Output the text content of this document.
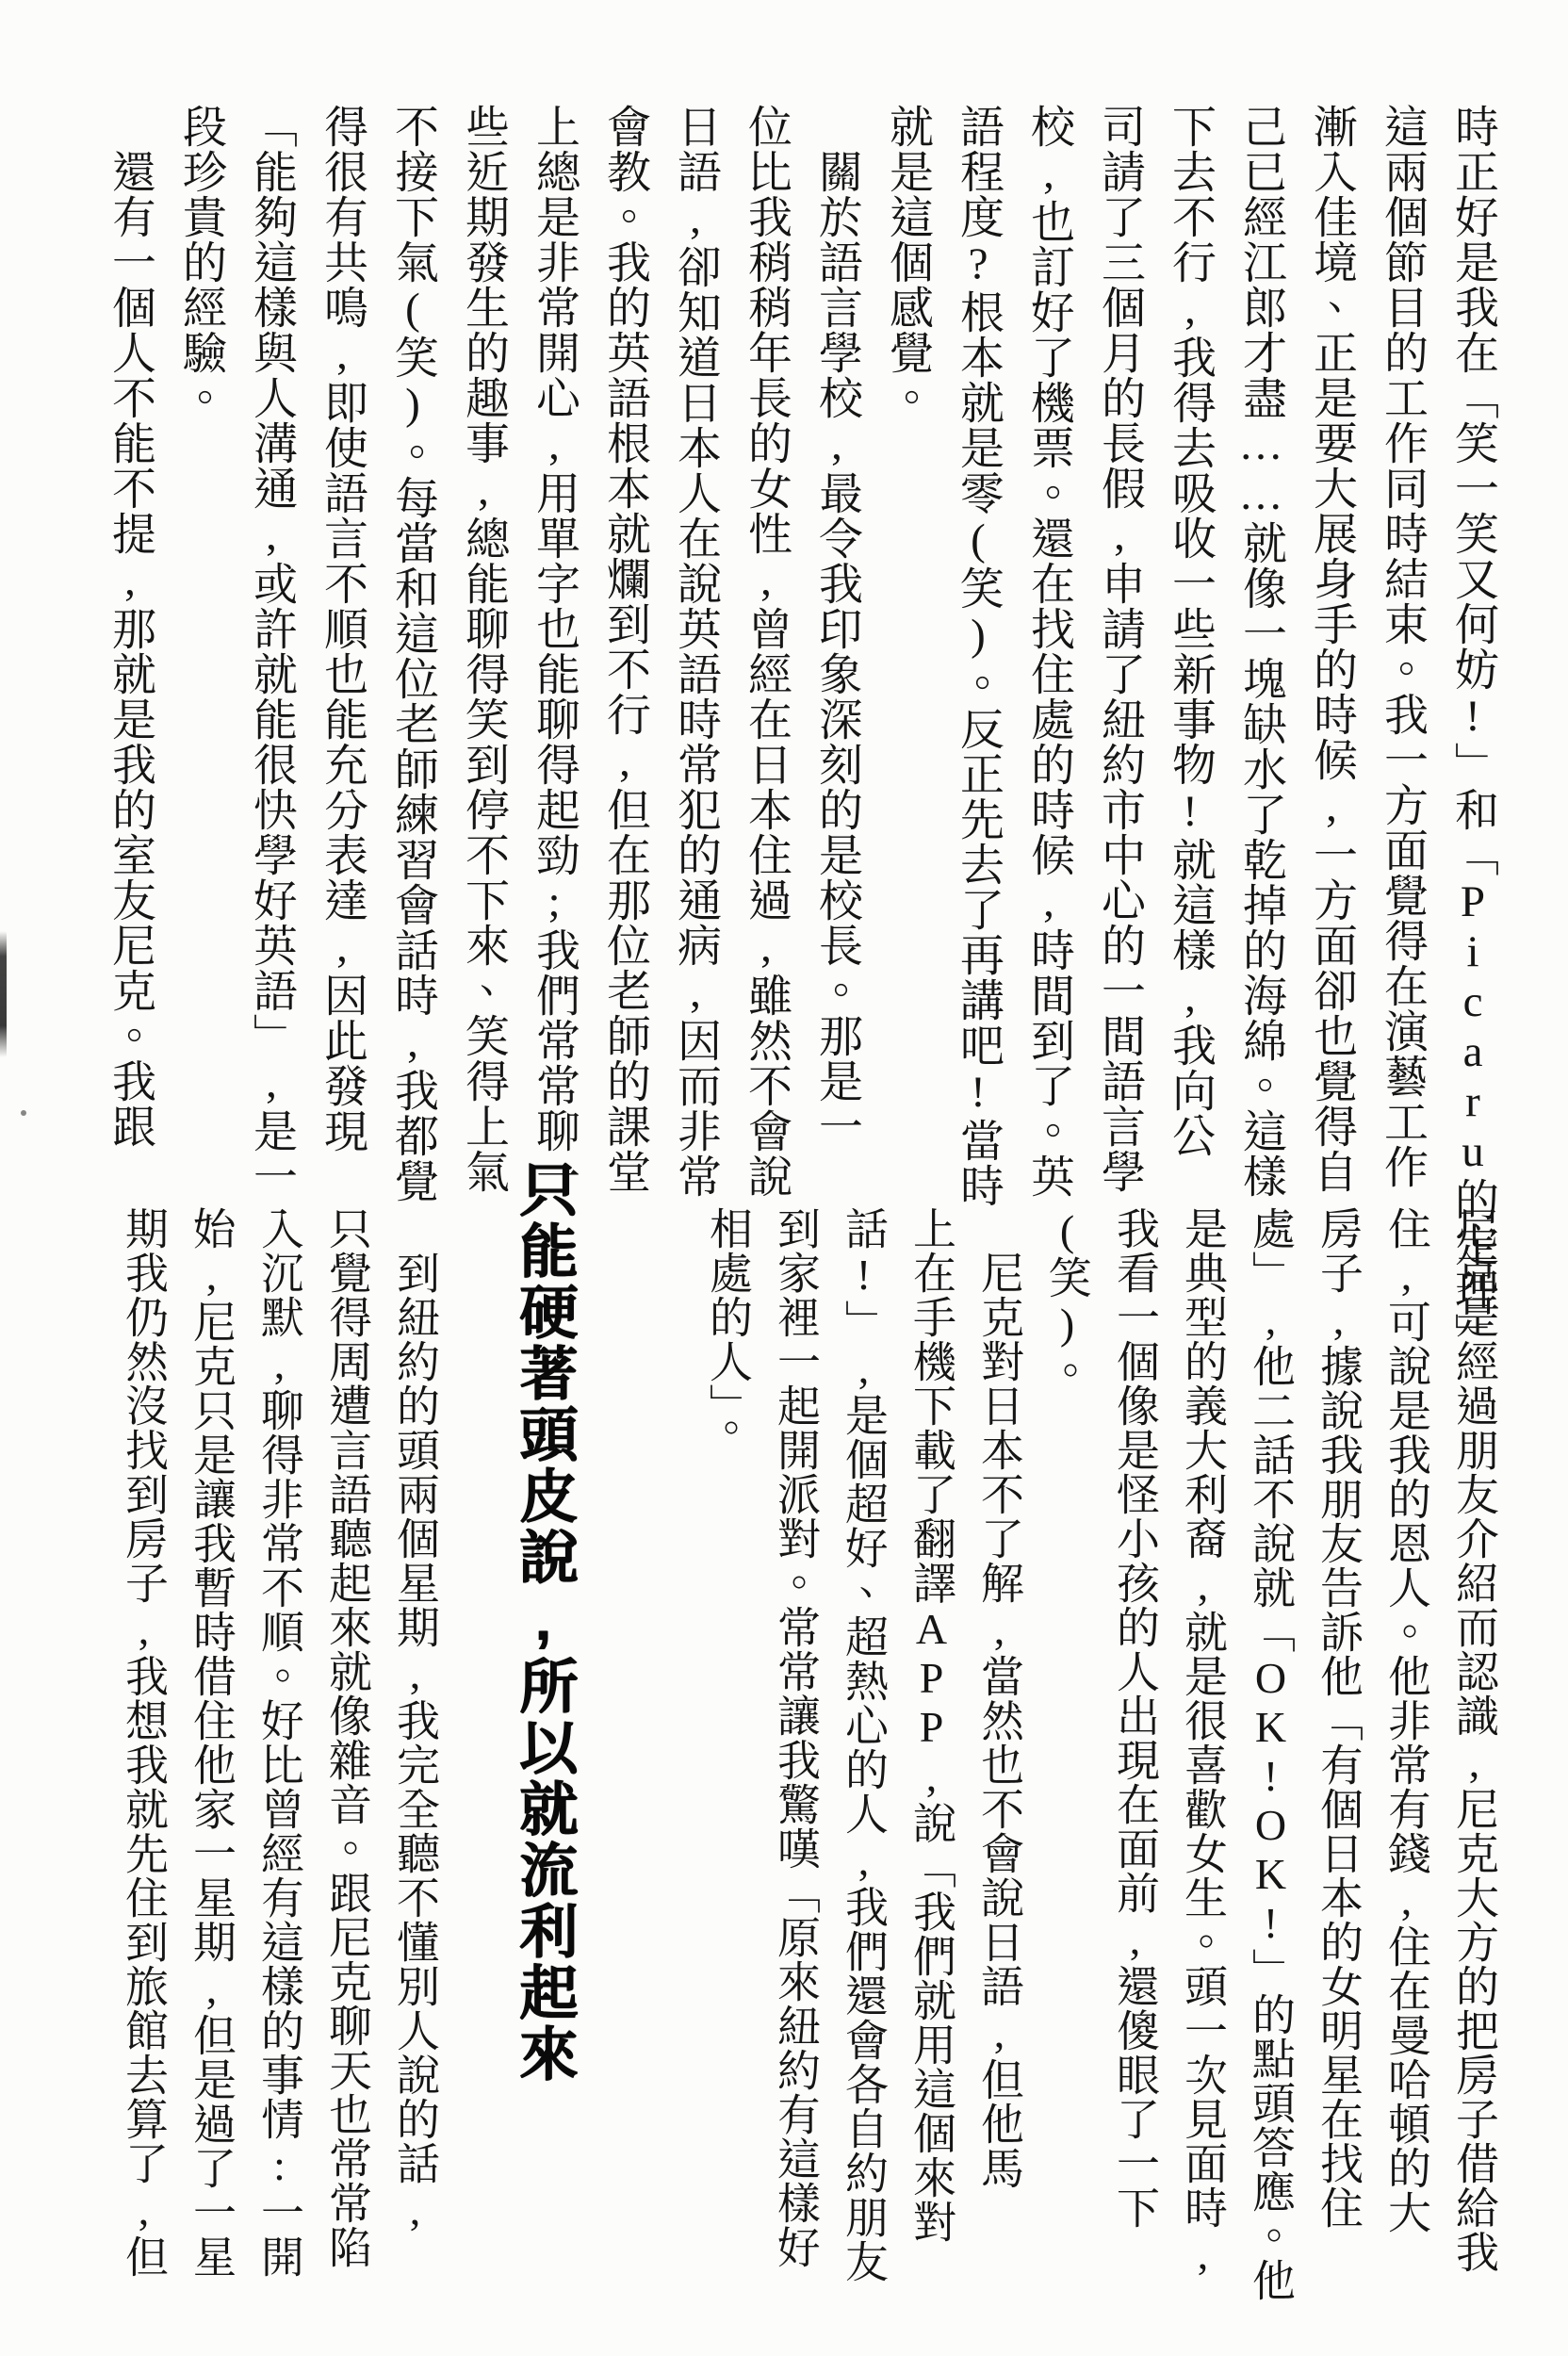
時正好是我在「笑一笑又何妨!」和「Picaru的定理」
這兩個節目的工作同時結束。我一方面覺得在演藝工作
漸入佳境、正是要大展身手的時候,一方面卻也覺得自
己已經江郎才盡……就像一塊缺水了乾掉的海綿。這樣
下去不行,我得去吸收一些新事物!就這樣,我向公
司請了三個月的長假,申請了紐約市中心的一間語言學
校,也訂好了機票。還在找住處的時候,時間到了。英
語程度?根本就是零(笑)。反正先去了再講吧!當時
就是這個感覺。
　關於語言學校,最令我印象深刻的是校長。那是一
位比我稍稍年長的女性,曾經在日本住過,雖然不會說
日語,卻知道日本人在說英語時常犯的通病,因而非常
會教。我的英語根本就爛到不行,但在那位老師的課堂
上總是非常開心,用單字也能聊得起勁;我們常常聊一
些近期發生的趣事,總能聊得笑到停不下來、笑得上氣
不接下氣(笑)。每當和這位老師練習會話時,我都覺
得很有共鳴,即使語言不順也能充分表達,因此發現
「能夠這樣與人溝通,或許就能很快學好英語」,是一
段珍貴的經驗。
　還有一個人不能不提,那就是我的室友尼克。我跟
尼克是經過朋友介紹而認識,尼克大方的把房子借給我
住,可說是我的恩人。他非常有錢,住在曼哈頓的大
房子,據說我朋友告訴他「有個日本的女明星在找住
處」,他二話不說就「OK!OK!」的點頭答應。他
是典型的義大利裔,就是很喜歡女生。頭一次見面時,
我看一個像是怪小孩的人出現在面前,還傻眼了一下
(笑)。
　尼克對日本不了解,當然也不會說日語,但他馬
上在手機下載了翻譯APP,說「我們就用這個來對
話!」,是個超好、超熱心的人,我們還會各自約朋友
到家裡一起開派對。常常讓我驚嘆「原來紐約有這樣好
相處的人」。
只能硬著頭皮說,所以就流利起來
　到紐約的頭兩個星期,我完全聽不懂別人說的話,
只覺得周遭言語聽起來就像雜音。跟尼克聊天也常常陷
入沉默,聊得非常不順。好比曾經有這樣的事情:一開
始,尼克只是讓我暫時借住他家一星期,但是過了一星
期我仍然沒找到房子,我想我就先住到旅館去算了,但
